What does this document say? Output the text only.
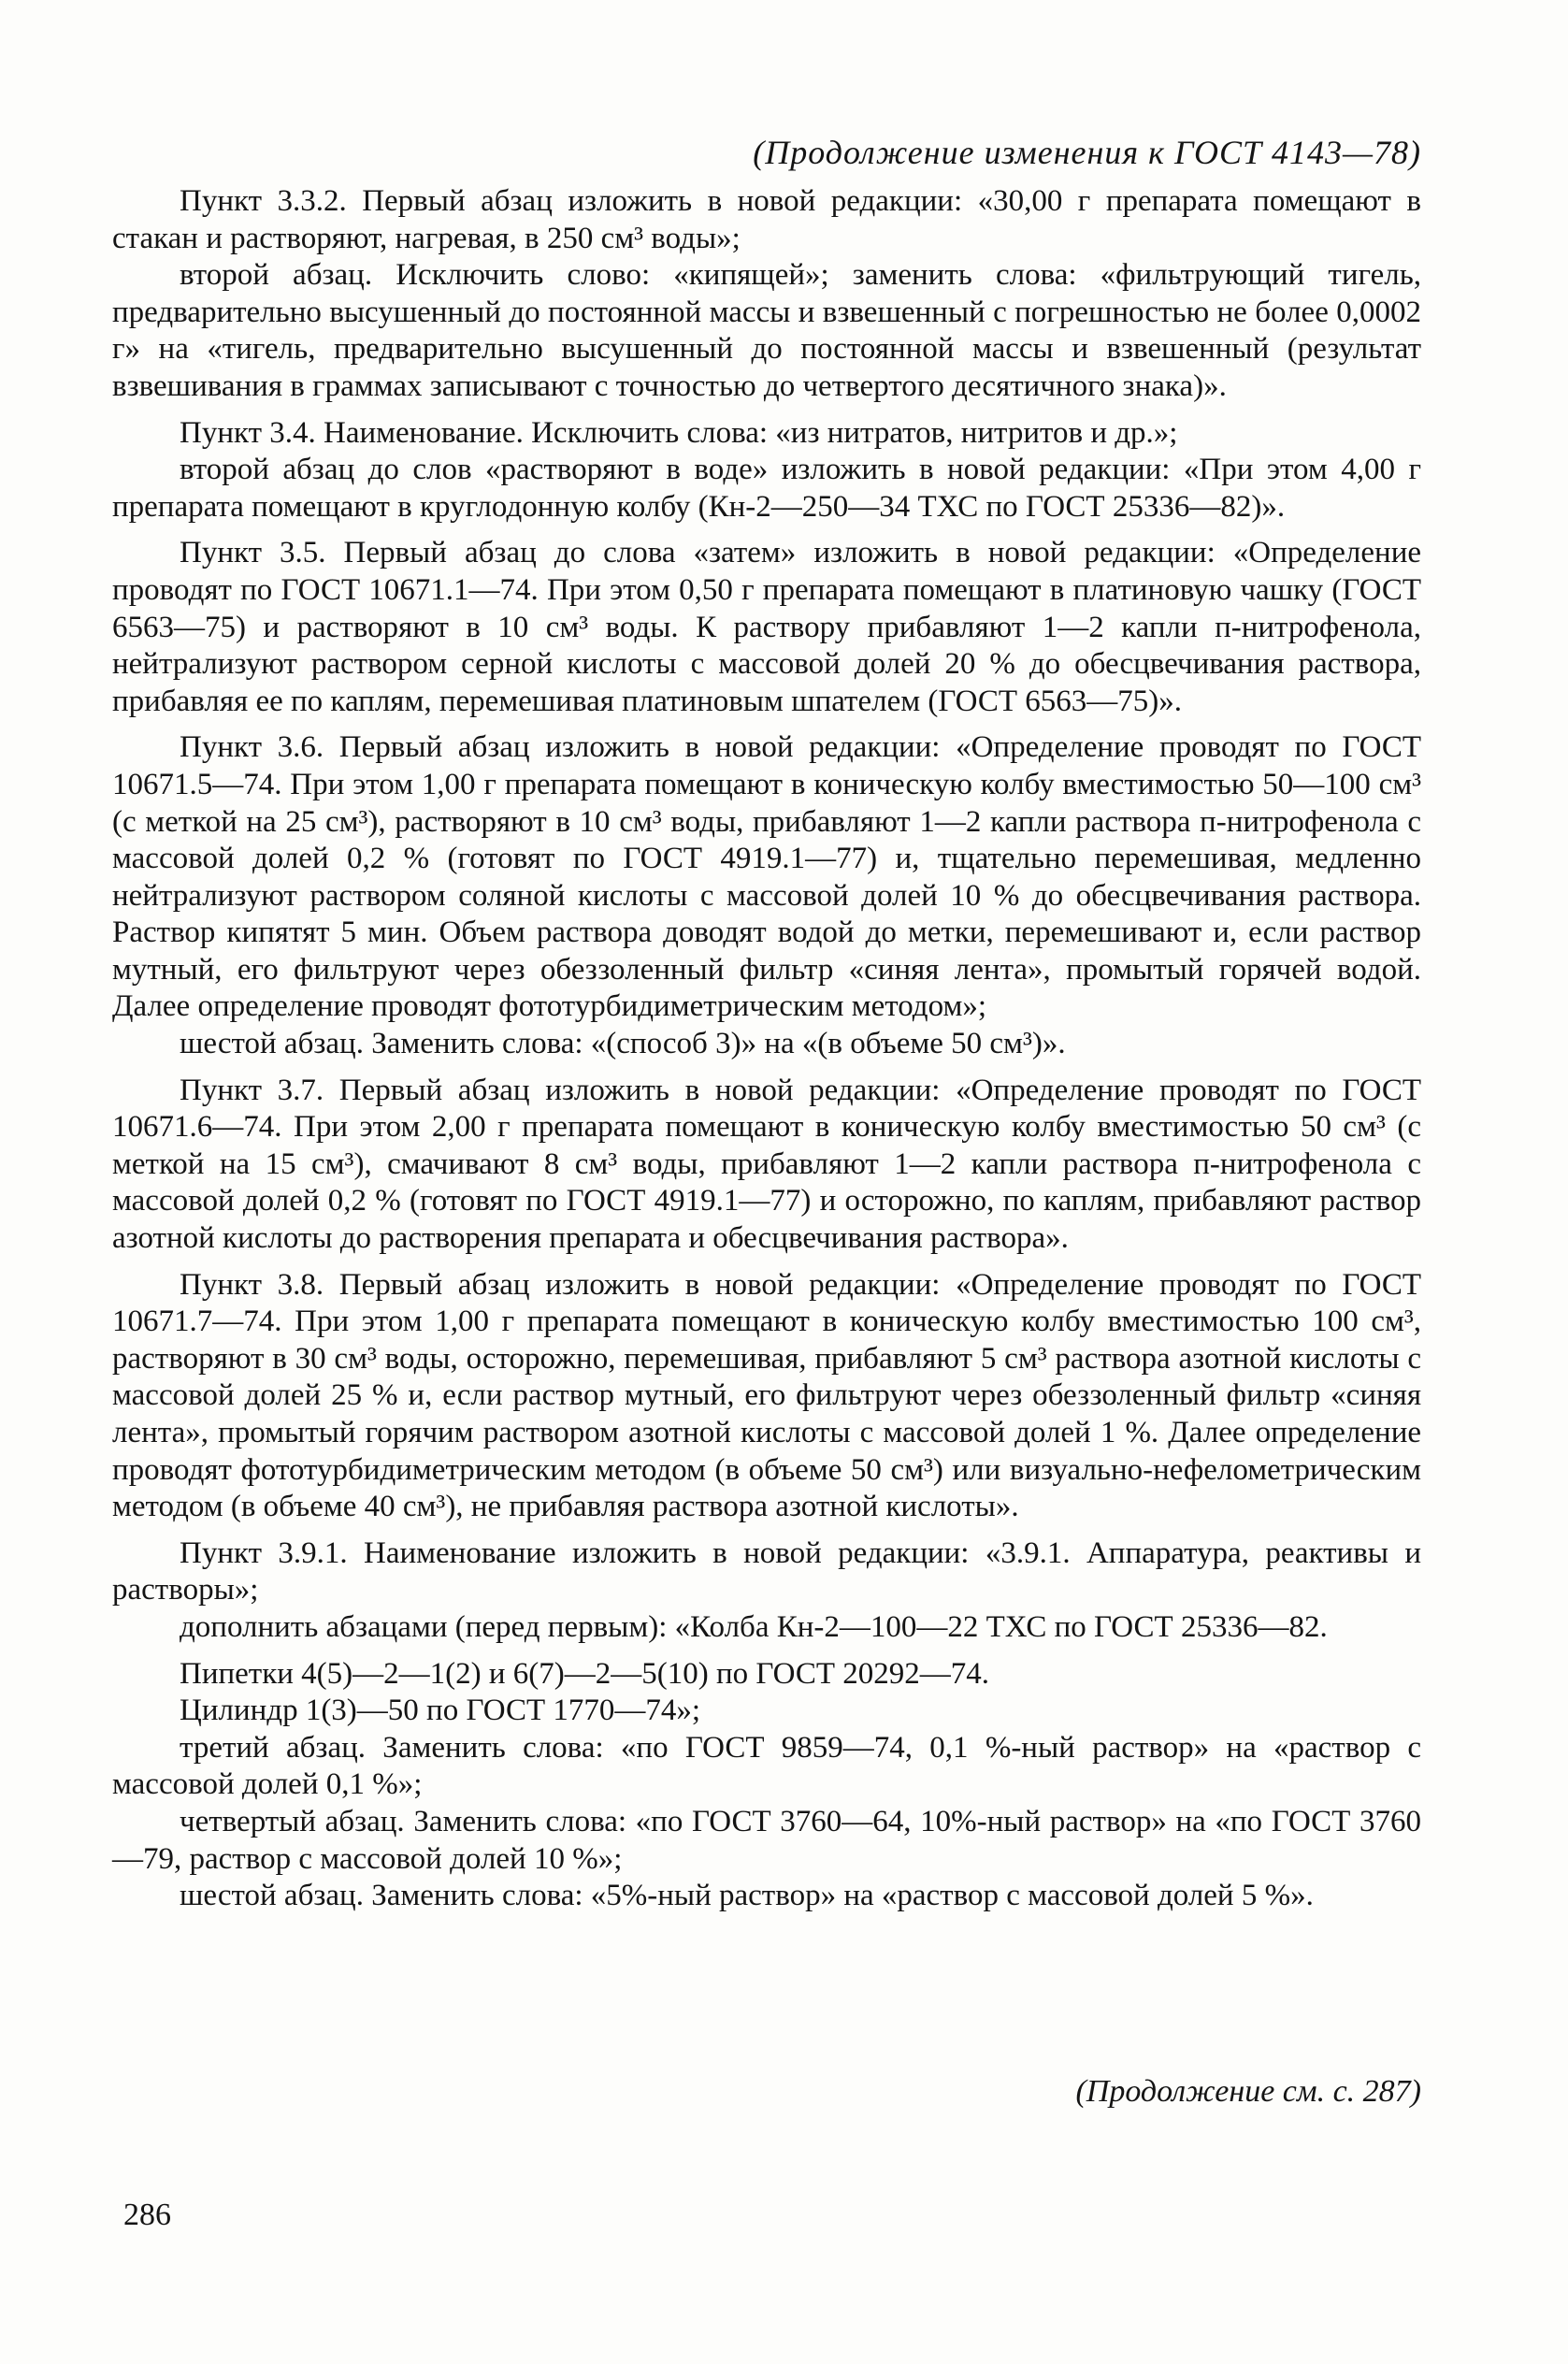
(Продолжение изменения к ГОСТ 4143—78)

Пункт 3.3.2. Первый абзац изложить в новой редакции: «30,00 г препарата помещают в стакан и растворяют, нагревая, в 250 см³ воды»;

второй абзац. Исключить слово: «кипящей»; заменить слова: «фильтрующий тигель, предварительно высушенный до постоянной массы и взвешенный с погрешностью не более 0,0002 г» на «тигель, предварительно высушенный до постоянной массы и взвешенный (результат взвешивания в граммах записывают с точностью до четвертого десятичного знака)».

Пункт 3.4. Наименование. Исключить слова: «из нитратов, нитритов и др.»;

второй абзац до слов «растворяют в воде» изложить в новой редакции: «При этом 4,00 г препарата помещают в круглодонную колбу (Кн-2—250—34 ТХС по ГОСТ 25336—82)».

Пункт 3.5. Первый абзац до слова «затем» изложить в новой редакции: «Определение проводят по ГОСТ 10671.1—74. При этом 0,50 г препарата помещают в платиновую чашку (ГОСТ 6563—75) и растворяют в 10 см³ воды. К раствору прибавляют 1—2 капли п-нитрофенола, нейтрализуют раствором серной кислоты с массовой долей 20 % до обесцвечивания раствора, прибавляя ее по каплям, перемешивая платиновым шпателем (ГОСТ 6563—75)».

Пункт 3.6. Первый абзац изложить в новой редакции: «Определение проводят по ГОСТ 10671.5—74. При этом 1,00 г препарата помещают в коническую колбу вместимостью 50—100 см³ (с меткой на 25 см³), растворяют в 10 см³ воды, прибавляют 1—2 капли раствора п-нитрофенола с массовой долей 0,2 % (готовят по ГОСТ 4919.1—77) и, тщательно перемешивая, медленно нейтрализуют раствором соляной кислоты с массовой долей 10 % до обесцвечивания раствора. Раствор кипятят 5 мин. Объем раствора доводят водой до метки, перемешивают и, если раствор мутный, его фильтруют через обеззоленный фильтр «синяя лента», промытый горячей водой. Далее определение проводят фототурбидиметрическим методом»;

шестой абзац. Заменить слова: «(способ 3)» на «(в объеме 50 см³)».

Пункт 3.7. Первый абзац изложить в новой редакции: «Определение проводят по ГОСТ 10671.6—74. При этом 2,00 г препарата помещают в коническую колбу вместимостью 50 см³ (с меткой на 15 см³), смачивают 8 см³ воды, прибавляют 1—2 капли раствора п-нитрофенола с массовой долей 0,2 % (готовят по ГОСТ 4919.1—77) и осторожно, по каплям, прибавляют раствор азотной кислоты до растворения препарата и обесцвечивания раствора».

Пункт 3.8. Первый абзац изложить в новой редакции: «Определение проводят по ГОСТ 10671.7—74. При этом 1,00 г препарата помещают в коническую колбу вместимостью 100 см³, растворяют в 30 см³ воды, осторожно, перемешивая, прибавляют 5 см³ раствора азотной кислоты с массовой долей 25 % и, если раствор мутный, его фильтруют через обеззоленный фильтр «синяя лента», промытый горячим раствором азотной кислоты с массовой долей 1 %. Далее определение проводят фототурбидиметрическим методом (в объеме 50 см³) или визуально-нефелометрическим методом (в объеме 40 см³), не прибавляя раствора азотной кислоты».

Пункт 3.9.1. Наименование изложить в новой редакции: «3.9.1. Аппаратура, реактивы и растворы»;

дополнить абзацами (перед первым): «Колба Кн-2—100—22 ТХС по ГОСТ 25336—82.

Пипетки 4(5)—2—1(2) и 6(7)—2—5(10) по ГОСТ 20292—74.

Цилиндр 1(3)—50 по ГОСТ 1770—74»;

третий абзац. Заменить слова: «по ГОСТ 9859—74, 0,1 %-ный раствор» на «раствор с массовой долей 0,1 %»;

четвертый абзац. Заменить слова: «по ГОСТ 3760—64, 10%-ный раствор» на «по ГОСТ 3760—79, раствор с массовой долей 10 %»;

шестой абзац. Заменить слова: «5%-ный раствор» на «раствор с массовой долей 5 %».

(Продолжение см. с. 287)
286
